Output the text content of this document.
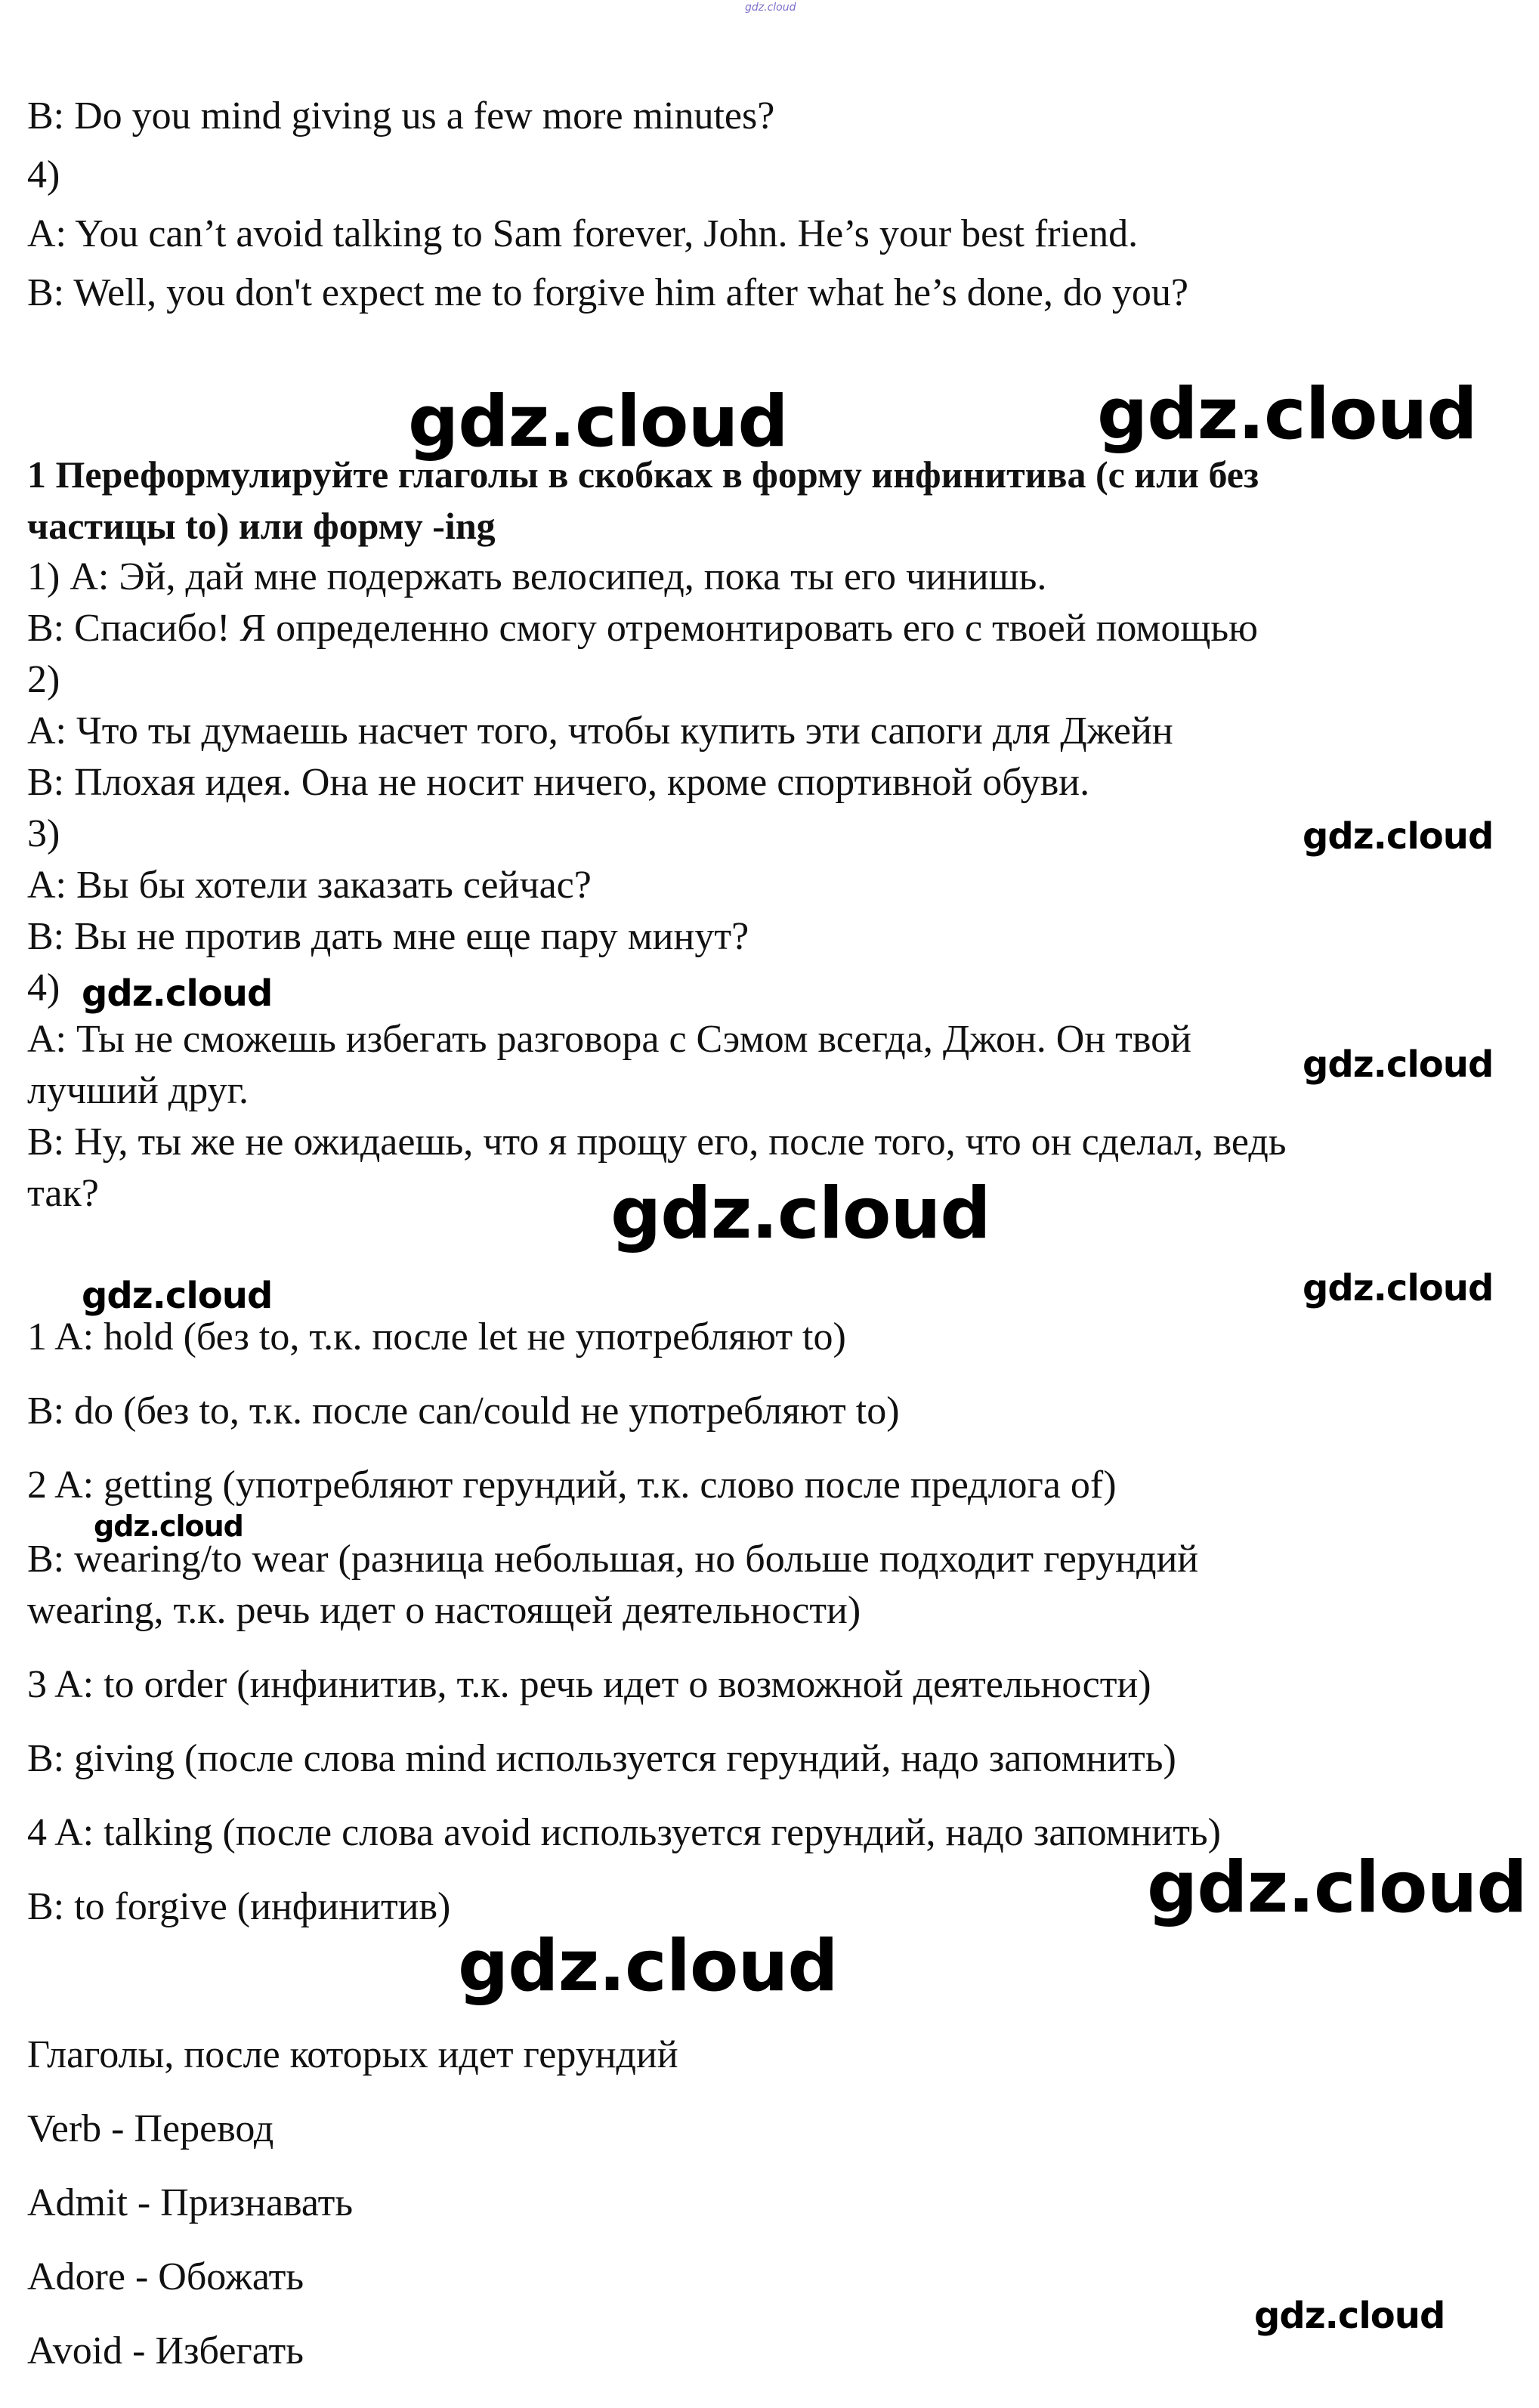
gdz.cloud

B: Do you mind giving us a few more minutes?

4)

A: You can’t avoid talking to Sam forever, John. He’s your best friend.

B: Well, you don't expect me to forgive him after what he’s done, do you?

1 Переформулируйте глаголы в скобках в форму инфинитива (с или без

частицы to) или форму -ing

1) А: Эй, дай мне подержать велосипед, пока ты его чинишь.

В: Спасибо! Я определенно смогу отремонтировать его с твоей помощью

2)

А: Что ты думаешь насчет того, чтобы купить эти сапоги для Джейн

В: Плохая идея. Она не носит ничего, кроме спортивной обуви.

3)

А: Вы бы хотели заказать сейчас?

В: Вы не против дать мне еще пару минут?

4)

А: Ты не сможешь избегать разговора с Сэмом всегда, Джон. Он твой

лучший друг.

В: Ну, ты же не ожидаешь, что я прощу его, после того, что он сделал, ведь

так?

1 A: hold (без to, т.к. после let не употребляют to)

B: do (без to, т.к. после can/could не употребляют to)

2 A: getting (употребляют герундий, т.к. слово после предлога of)

B: wearing/to wear (разница небольшая, но больше подходит герундий

wearing, т.к. речь идет о настоящей деятельности)

3 A: to order (инфинитив, т.к. речь идет о возможной деятельности)

B: giving (после слова mind используется герундий, надо запомнить)

4 A: talking (после слова avoid используется герундий, надо запомнить)

B: to forgive (инфинитив)

Глаголы, после которых идет герундий

Verb - Перевод

Admit - Признавать

Adore - Обожать

Avoid - Избегать

gdz.cloud	gdz.cloud

gdz.cloud

gdz.cloud

gdz.cloud

gdz.cloud

gdz.cloud	gdz.cloud

gdz.cloud

gdz.cloud

gdz.cloud

gdz.cloud
